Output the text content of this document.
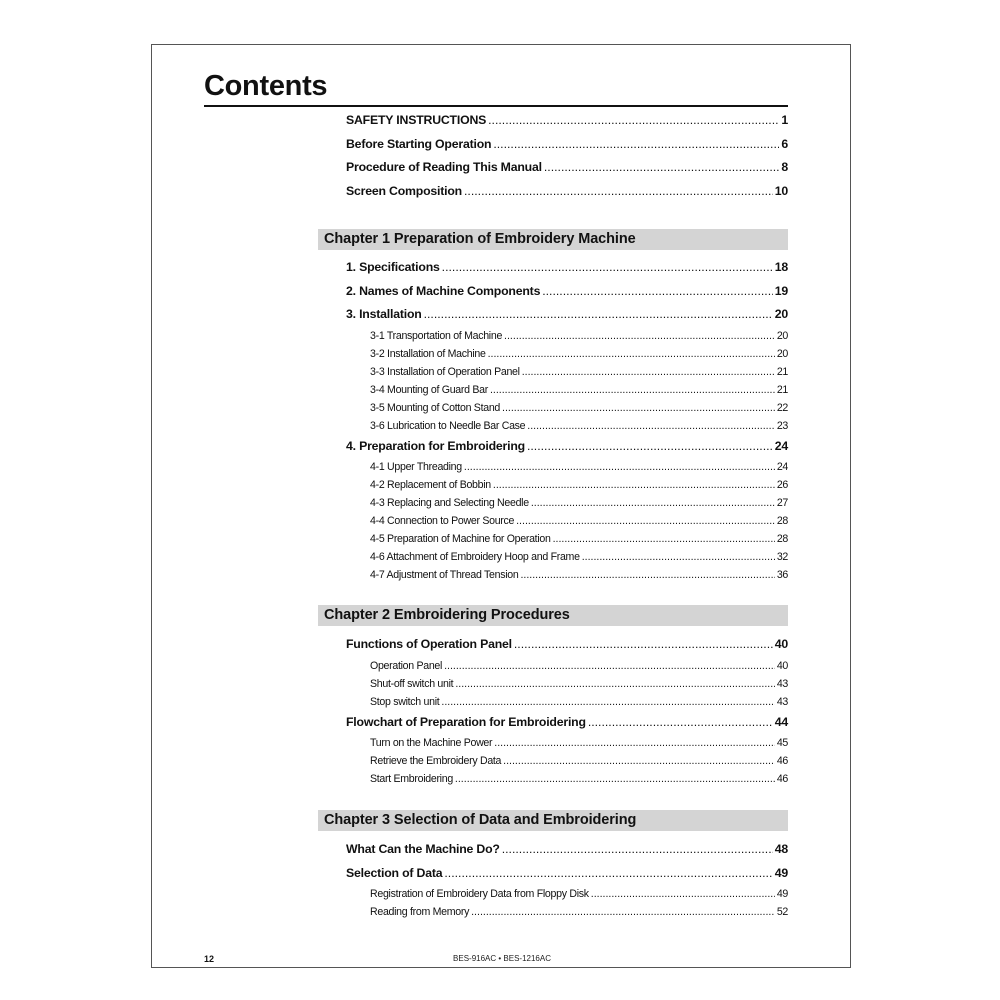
Contents
SAFETY INSTRUCTIONS .....	1
Before Starting Operation .....	6
Procedure of Reading This Manual .....	8
Screen Composition .....	10
Chapter 1 Preparation of Embroidery Machine
1. Specifications .....	18
2. Names of Machine Components .....	19
3. Installation .....	20
3-1 Transportation of Machine .....	20
3-2 Installation of Machine .....	20
3-3 Installation of Operation Panel .....	21
3-4 Mounting of Guard Bar .....	21
3-5 Mounting of Cotton Stand .....	22
3-6 Lubrication to Needle Bar Case .....	23
4. Preparation for Embroidering .....	24
4-1 Upper Threading .....	24
4-2 Replacement of Bobbin .....	26
4-3 Replacing and Selecting Needle .....	27
4-4 Connection to Power Source .....	28
4-5 Preparation of Machine for Operation .....	28
4-6 Attachment of Embroidery Hoop and Frame .....	32
4-7 Adjustment of Thread Tension .....	36
Chapter 2 Embroidering Procedures
Functions of Operation Panel .....	40
Operation Panel .....	40
Shut-off switch unit .....	43
Stop switch unit .....	43
Flowchart of Preparation for Embroidering .....	44
Turn on the Machine Power .....	45
Retrieve the Embroidery Data .....	46
Start Embroidering .....	46
Chapter 3 Selection of Data and Embroidering
What Can the Machine Do? .....	48
Selection of Data .....	49
Registration of Embroidery Data from Floppy Disk .....	49
Reading from Memory .....	52
12	BES-916AC • BES-1216AC
